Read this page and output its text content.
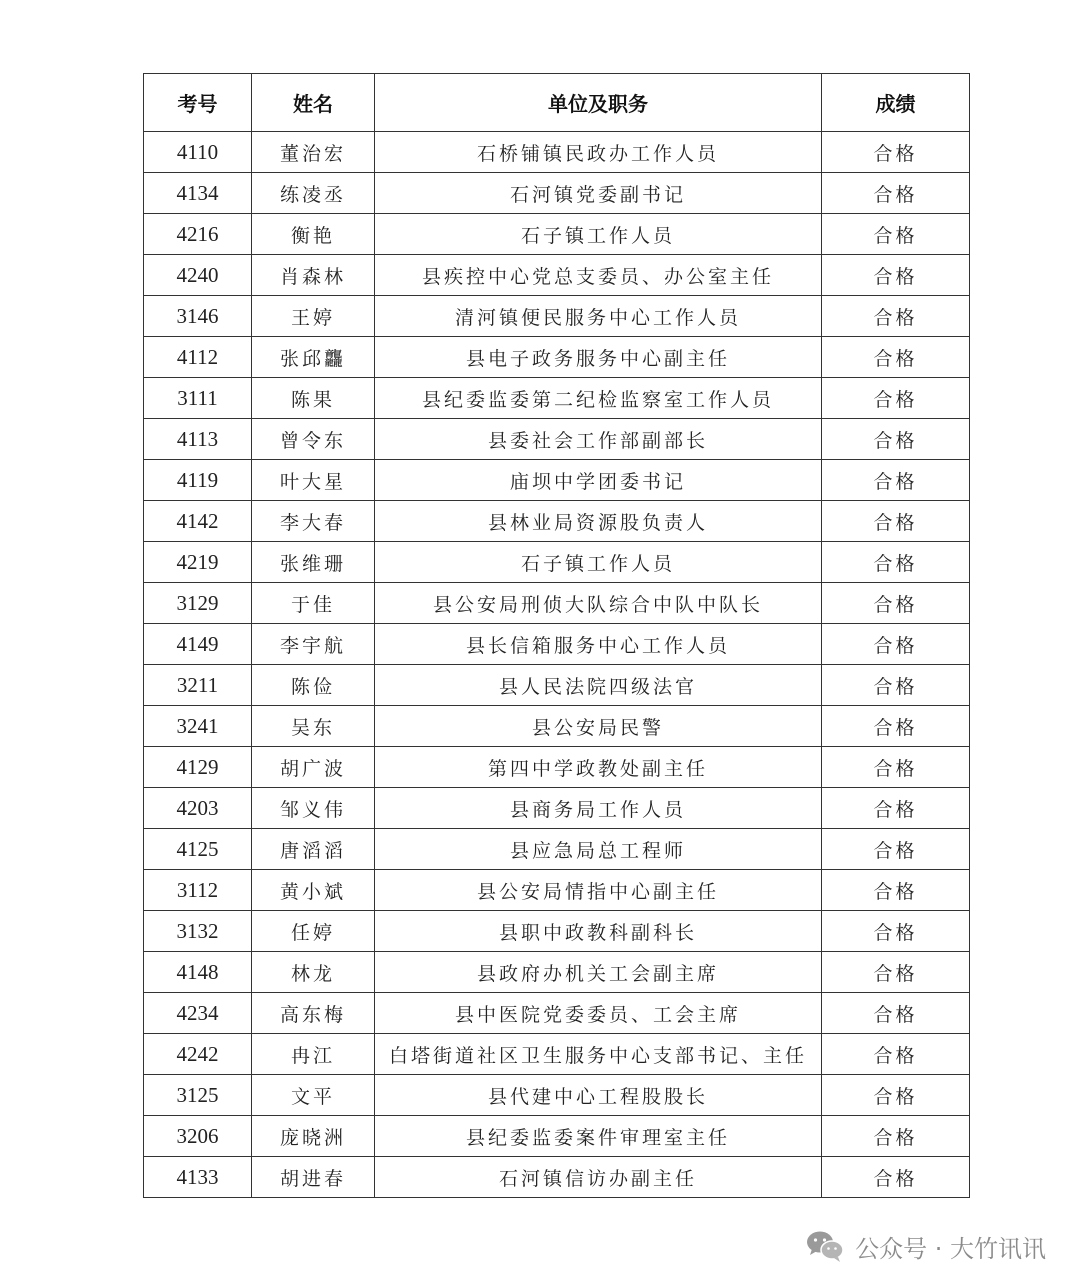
考号	姓名	单位及职务	成绩
4110	董治宏	石桥铺镇民政办工作人员	合格
4134	练凌丞	石河镇党委副书记	合格
4216	衡艳	石子镇工作人员	合格
4240	肖森林	县疾控中心党总支委员、办公室主任	合格
3146	王婷	清河镇便民服务中心工作人员	合格
4112	张邱龘	县电子政务服务中心副主任	合格
3111	陈果	县纪委监委第二纪检监察室工作人员	合格
4113	曾令东	县委社会工作部副部长	合格
4119	叶大星	庙坝中学团委书记	合格
4142	李大春	县林业局资源股负责人	合格
4219	张维珊	石子镇工作人员	合格
3129	于佳	县公安局刑侦大队综合中队中队长	合格
4149	李宇航	县长信箱服务中心工作人员	合格
3211	陈俭	县人民法院四级法官	合格
3241	吴东	县公安局民警	合格
4129	胡广波	第四中学政教处副主任	合格
4203	邹义伟	县商务局工作人员	合格
4125	唐滔滔	县应急局总工程师	合格
3112	黄小斌	县公安局情指中心副主任	合格
3132	任婷	县职中政教科副科长	合格
4148	林龙	县政府办机关工会副主席	合格
4234	高东梅	县中医院党委委员、工会主席	合格
4242	冉江	白塔街道社区卫生服务中心支部书记、主任	合格
3125	文平	县代建中心工程股股长	合格
3206	庞晓洲	县纪委监委案件审理室主任	合格
4133	胡进春	石河镇信访办副主任	合格
公众号 · 大竹讯讯
